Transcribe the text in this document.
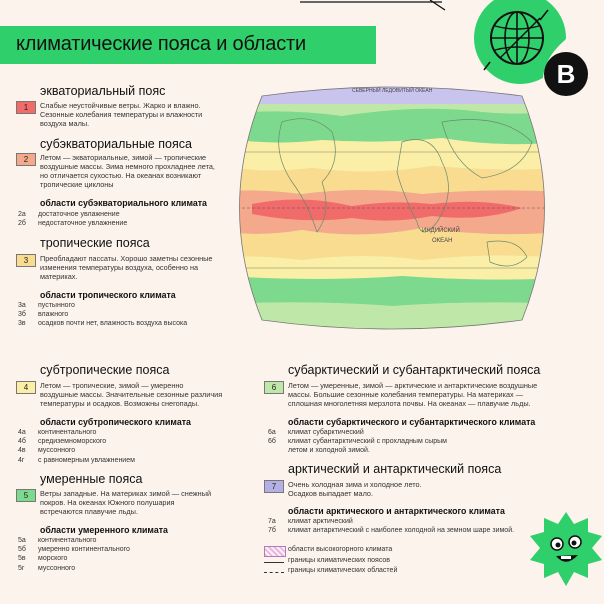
климатические пояса и области
B
СЕВЕРНЫЙ ЛЕДОВИТЫЙ ОКЕАН
ИНДИЙСКИЙ
ОКЕАН
экваториальный пояс
1	Слабые неустойчивые ветры. Жарко и влажно.
Сезонные колебания температуры и влажности
воздуха малы.
субэкваториальные пояса
2	Летом — экваториальные, зимой — тропические
воздушные массы. Зима немного прохладнее лета,
но отличается сухостью. На океанах возникают
тропические циклоны
области субэкваториального климата
2а достаточное увлажнение
2б недостаточное увлажнение
тропические пояса
3	Преобладают пассаты. Хорошо заметны сезонные
изменения температуры воздуха, особенно на
материках.
области тропического климата
3а пустынного
3б влажного
3в осадков почти нет, влажность воздуха высока
субтропические пояса
4	Летом — тропические, зимой — умеренно
воздушные массы. Значительные сезонные различия
температуры и осадков. Возможны снегопады.
области субтропического климата
4а континентального
4б средиземноморского
4в муссонного
4г с равномерным увлажнением
умеренные пояса
5	Ветры западные. На материках зимой — снежный
покров. На океанах Южного полушария
встречаются плавучие льды.
области умеренного климата
5а континентального
5б умеренно континентального
5в морского
5г муссонного
субарктический и субантарктический пояса
6	Летом — умеренные, зимой — арктические и антарктические воздушные
массы. Большие сезонные колебания температуры. На материках —
сплошная многолетняя мерзлота почвы. На океанах — плавучие льды.
области субарктического и субантарктического климата
6а климат субарктический
6б климат субантарктический с прохладным сырым
летом и холодной зимой.
арктический и антарктический пояса
7	Очень холодная зима и холодное лето.
Осадков выпадает мало.
области арктического и антарктического климата
7а климат арктический
7б климат антарктический с наиболее холодной на земном шаре зимой.
области высокогорного климата
границы климатических поясов
границы климатических областей
